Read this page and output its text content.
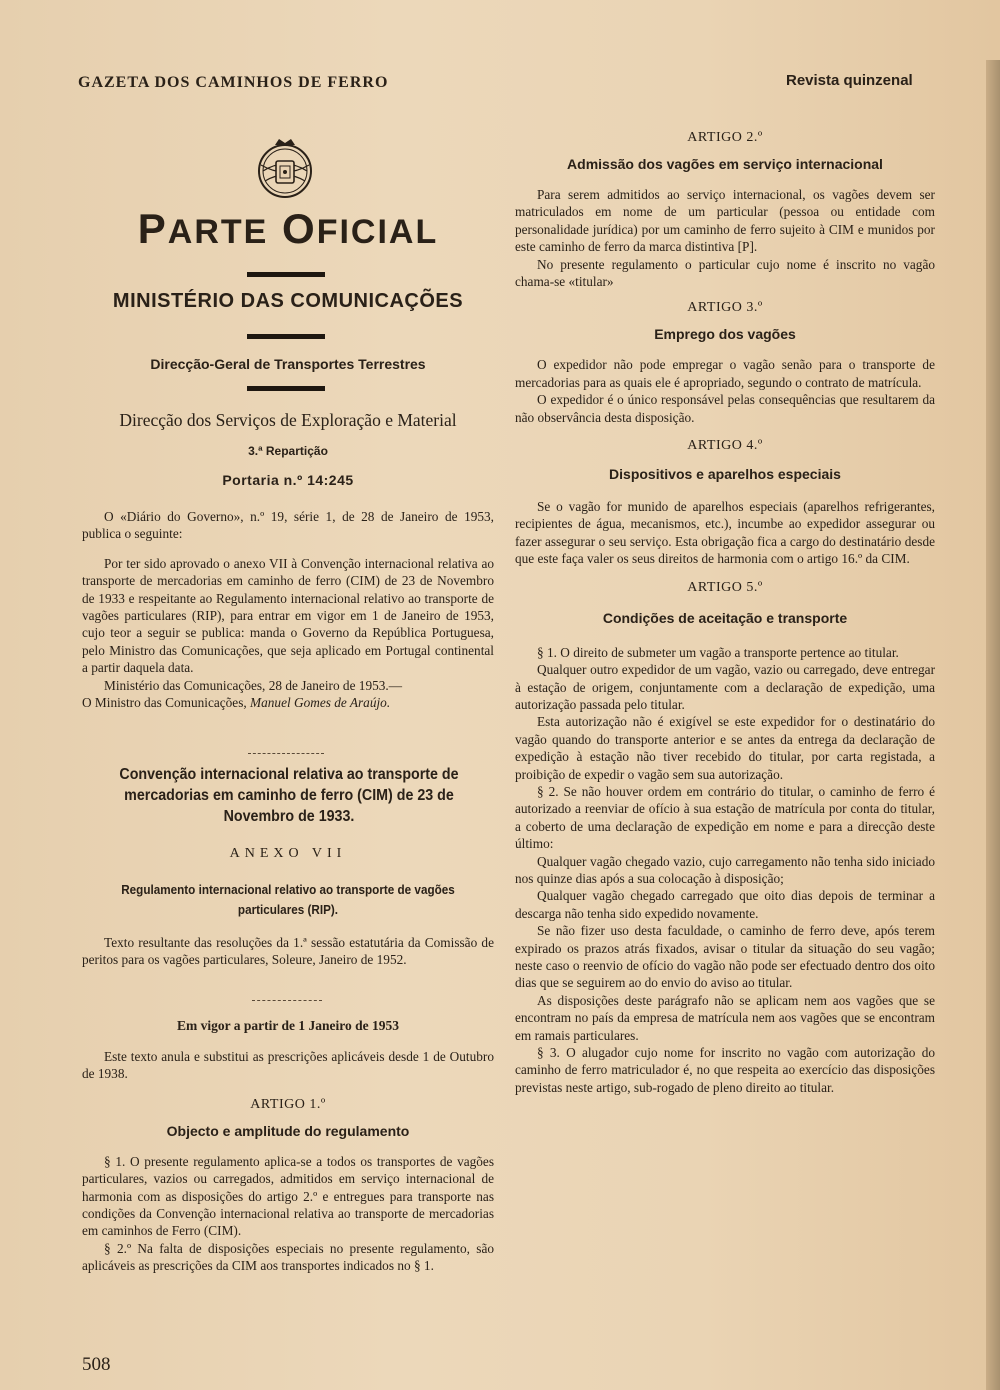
GAZETA DOS CAMINHOS DE FERRO	Revista quinzenal
PARTE OFICIAL
MINISTÉRIO DAS COMUNICAÇÕES
Direcção-Geral de Transportes Terrestres
Direcção dos Serviços de Exploração e Material
3.ª Repartição
Portaria n.º 14:245

O «Diário do Governo», n.º 19, série 1, de 28 de Janeiro de 1953, publica o seguinte:

Por ter sido aprovado o anexo VII à Convenção internacional relativa ao transporte de mercadorias em caminho de ferro (CIM) de 23 de Novembro de 1933 e respeitante ao Regulamento internacional relativo ao transporte de vagões particulares (RIP), para entrar em vigor em 1 de Janeiro de 1953, cujo teor a seguir se publica: manda o Governo da República Portuguesa, pelo Ministro das Comunicações, que seja aplicado em Portugal continental a partir daquela data.

Ministério das Comunicações, 28 de Janeiro de 1953.—

O Ministro das Comunicações, Manuel Gomes de Araújo.

Convenção internacional relativa ao transporte de mercadorias em caminho de ferro (CIM) de 23 de Novembro de 1933.
ANEXO VII
Regulamento internacional relativo ao transporte de vagões particulares (RIP).

Texto resultante das resoluções da 1.ª sessão estatutária da Comissão de peritos para os vagões particulares, Soleure, Janeiro de 1952.

Em vigor a partir de 1 Janeiro de 1953

Este texto anula e substitui as prescrições aplicáveis desde 1 de Outubro de 1938.

ARTIGO 1.º
Objecto e amplitude do regulamento

§ 1. O presente regulamento aplica-se a todos os transportes de vagões particulares, vazios ou carregados, admitidos em serviço internacional de harmonia com as disposições do artigo 2.º e entregues para transporte nas condições da Convenção internacional relativa ao transporte de mercadorias em caminhos de Ferro (CIM).

§ 2.º Na falta de disposições especiais no presente regulamento, são aplicáveis as prescrições da CIM aos transportes indicados no § 1.

508
ARTIGO 2.º
Admissão dos vagões em serviço internacional

Para serem admitidos ao serviço internacional, os vagões devem ser matriculados em nome de um particular (pessoa ou entidade com personalidade jurídica) por um caminho de ferro sujeito à CIM e munidos por este caminho de ferro da marca distintiva [P].

No presente regulamento o particular cujo nome é inscrito no vagão chama-se «titular»

ARTIGO 3.º
Emprego dos vagões

O expedidor não pode empregar o vagão senão para o transporte de mercadorias para as quais ele é apropriado, segundo o contrato de matrícula.

O expedidor é o único responsável pelas consequências que resultarem da não observância desta disposição.

ARTIGO 4.º
Dispositivos e aparelhos especiais

Se o vagão for munido de aparelhos especiais (aparelhos refrigerantes, recipientes de água, mecanismos, etc.), incumbe ao expedidor assegurar ou fazer assegurar o seu serviço. Esta obrigação fica a cargo do destinatário desde que este faça valer os seus direitos de harmonia com o artigo 16.º da CIM.

ARTIGO 5.º
Condições de aceitação e transporte

§ 1. O direito de submeter um vagão a transporte pertence ao titular.

Qualquer outro expedidor de um vagão, vazio ou carregado, deve entregar à estação de origem, conjuntamente com a declaração de expedição, uma autorização passada pelo titular.

Esta autorização não é exigível se este expedidor for o destinatário do vagão quando do transporte anterior e se antes da entrega da declaração de expedição à estação não tiver recebido do titular, por carta registada, a proibição de expedir o vagão sem sua autorização.

§ 2. Se não houver ordem em contrário do titular, o caminho de ferro é autorizado a reenviar de ofício à sua estação de matrícula por conta do titular, a coberto de uma declaração de expedição em nome e para a direcção deste último:

Qualquer vagão chegado vazio, cujo carregamento não tenha sido iniciado nos quinze dias após a sua colocação à disposição;

Qualquer vagão chegado carregado que oito dias depois de terminar a descarga não tenha sido expedido novamente.

Se não fizer uso desta faculdade, o caminho de ferro deve, após terem expirado os prazos atrás fixados, avisar o titular da situação do seu vagão; neste caso o reenvio de ofício do vagão não pode ser efectuado dentro dos oito dias que se seguirem ao do envio do aviso ao titular.

As disposições deste parágrafo não se aplicam nem aos vagões que se encontram no país da empresa de matrícula nem aos vagões que se encontram em ramais particulares.

§ 3. O alugador cujo nome for inscrito no vagão com autorização do caminho de ferro matriculador é, no que respeita ao exercício das disposições previstas neste artigo, sub-rogado de pleno direito ao titular.
